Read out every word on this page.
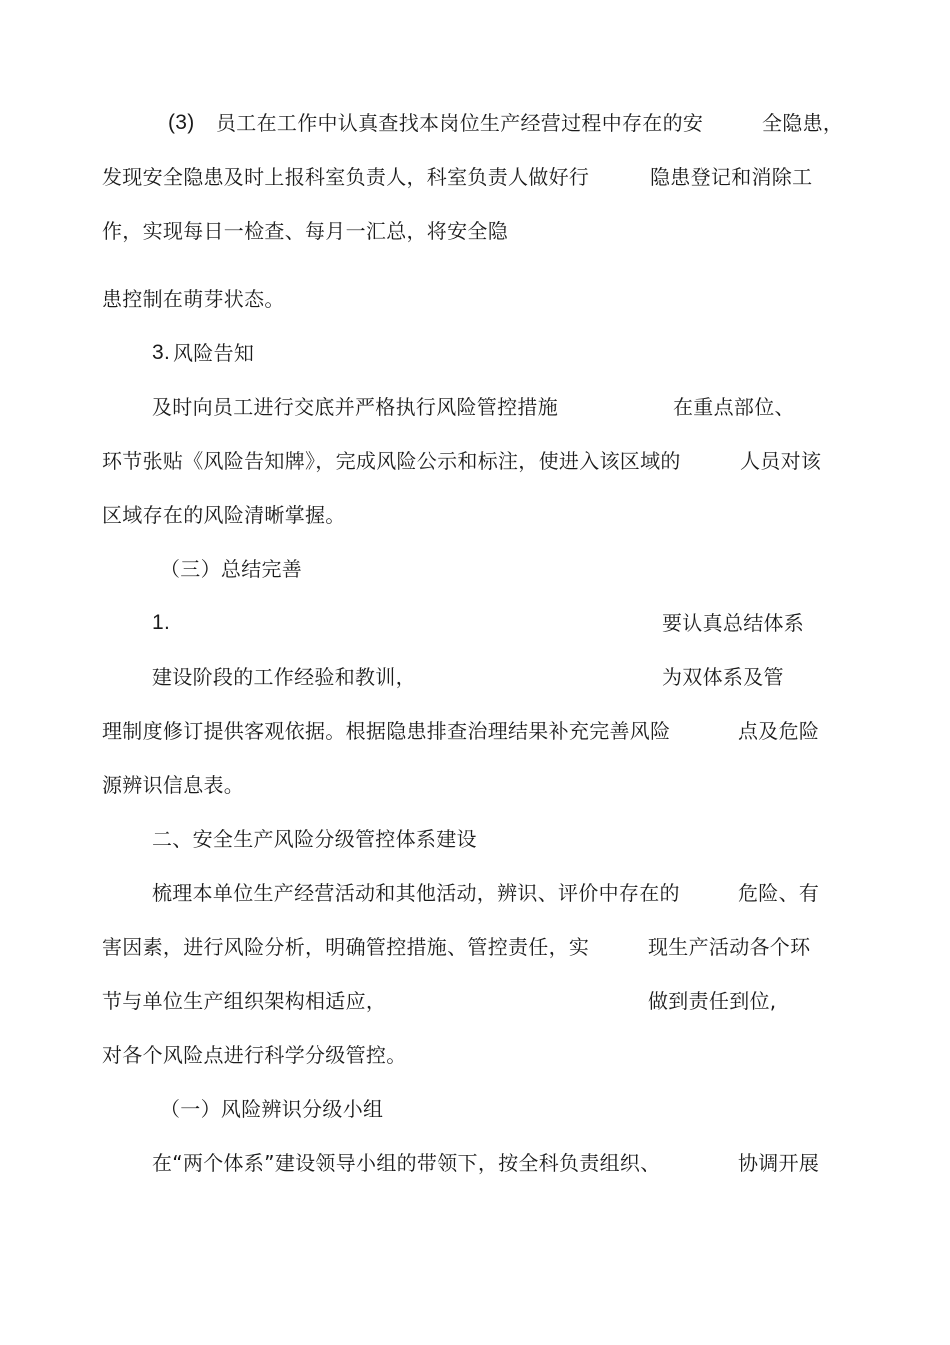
(3) 员工在工作中认真查找本岗位生产经营过程中存在的安	全隐患，
发现安全隐患及时上报科室负责人，科室负责人做好行	隐患登记和消除工
作，实现每日一检查、每月一汇总，将安全隐
患控制在萌芽状态。
3. 风险告知
及时向员工进行交底并严格执行风险管控措施	在重点部位、
环节张贴《风险告知牌》，完成风险公示和标注，使进入该区域的	人员对该
区域存在的风险清晰掌握。
（三）总结完善
1.	要认真总结体系
建设阶段的工作经验和教训，	为双体系及管
理制度修订提供客观依据。根据隐患排查治理结果补充完善风险	点及危险
源辨识信息表。
二、安全生产风险分级管控体系建设
梳理本单位生产经营活动和其他活动，辨识、评价中存在的	危险、有
害因素，进行风险分析，明确管控措施、管控责任，实	现生产活动各个环
节与单位生产组织架构相适应，	做到责任到位,
对各个风险点进行科学分级管控。
（一）风险辨识分级小组
在“两个体系”建设领导小组的带领下，按全科负责组织、	协调开展
